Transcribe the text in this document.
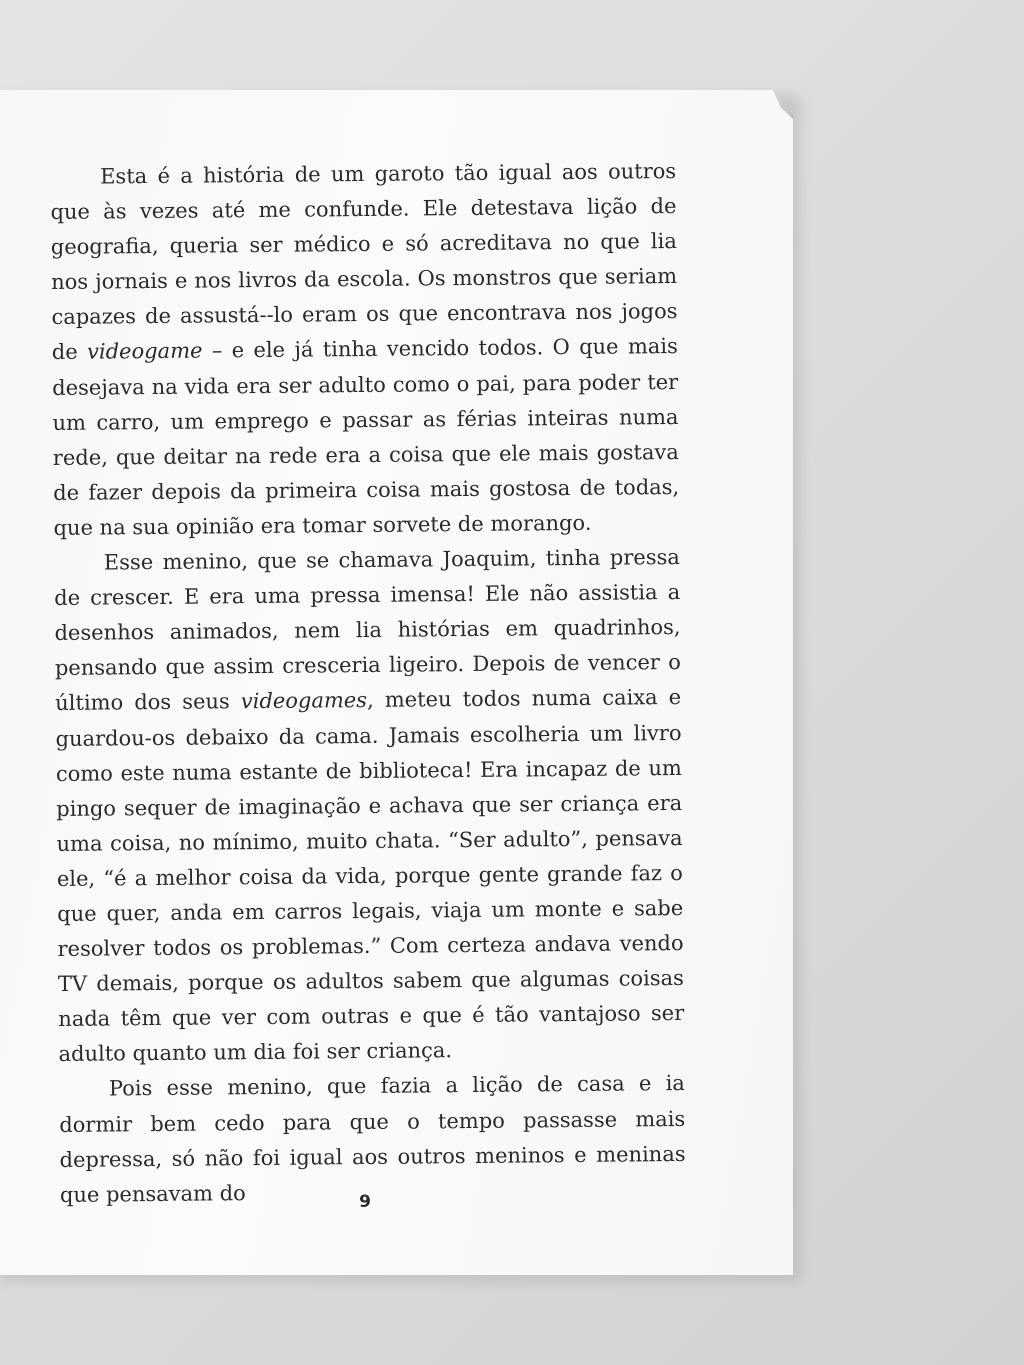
Esta é a história de um garoto tão igual aos outros que às vezes até me confunde. Ele detestava lição de geografia, queria ser médico e só acreditava no que lia nos jornais e nos livros da escola. Os monstros que seriam capazes de assustá--lo eram os que encontrava nos jogos de videogame – e ele já tinha vencido todos. O que mais desejava na vida era ser adulto como o pai, para poder ter um carro, um emprego e passar as férias inteiras numa rede, que deitar na rede era a coisa que ele mais gostava de fazer depois da primeira coisa mais gostosa de todas, que na sua opinião era tomar sorvete de morango.

Esse menino, que se chamava Joaquim, tinha pressa de crescer. E era uma pressa imensa! Ele não assistia a desenhos animados, nem lia histórias em quadrinhos, pensando que assim cresceria ligeiro. Depois de vencer o último dos seus videogames, meteu todos numa caixa e guardou-os debaixo da cama. Jamais escolheria um livro como este numa estante de biblioteca! Era incapaz de um pingo sequer de imaginação e achava que ser criança era uma coisa, no mínimo, muito chata. “Ser adulto”, pensava ele, “é a melhor coisa da vida, porque gente grande faz o que quer, anda em carros legais, viaja um monte e sabe resolver todos os problemas.” Com certeza andava vendo TV demais, porque os adultos sabem que algumas coisas nada têm que ver com outras e que é tão vantajoso ser adulto quanto um dia foi ser criança.

Pois esse menino, que fazia a lição de casa e ia dormir bem cedo para que o tempo passasse mais depressa, só não foi igual aos outros meninos e meninas que pensavam do	9
